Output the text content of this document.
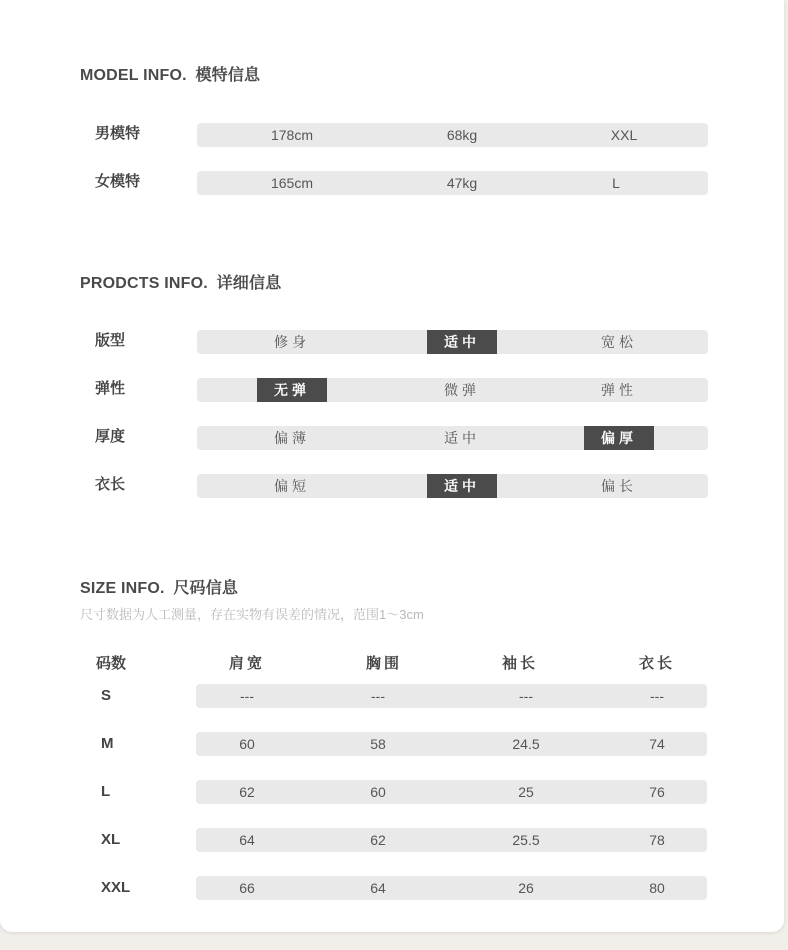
MODEL INFO. 模特信息
男模特	178cm	68kg	XXL
女模特	165cm	47kg	L
PRODCTS INFO. 详细信息
版型	修身	适中	宽松
弹性	无弹	微弹	弹性
厚度	偏薄	适中	偏厚
衣长	偏短	适中	偏长
SIZE INFO. 尺码信息
尺寸数据为人工测量，存在实物有误差的情况，范围1〜3cm
码数	肩宽	胸围	袖长	衣长
S	---	---	---	---
M	60	58	24.5	74
L	62	60	25	76
XL	64	62	25.5	78
XXL	66	64	26	80
